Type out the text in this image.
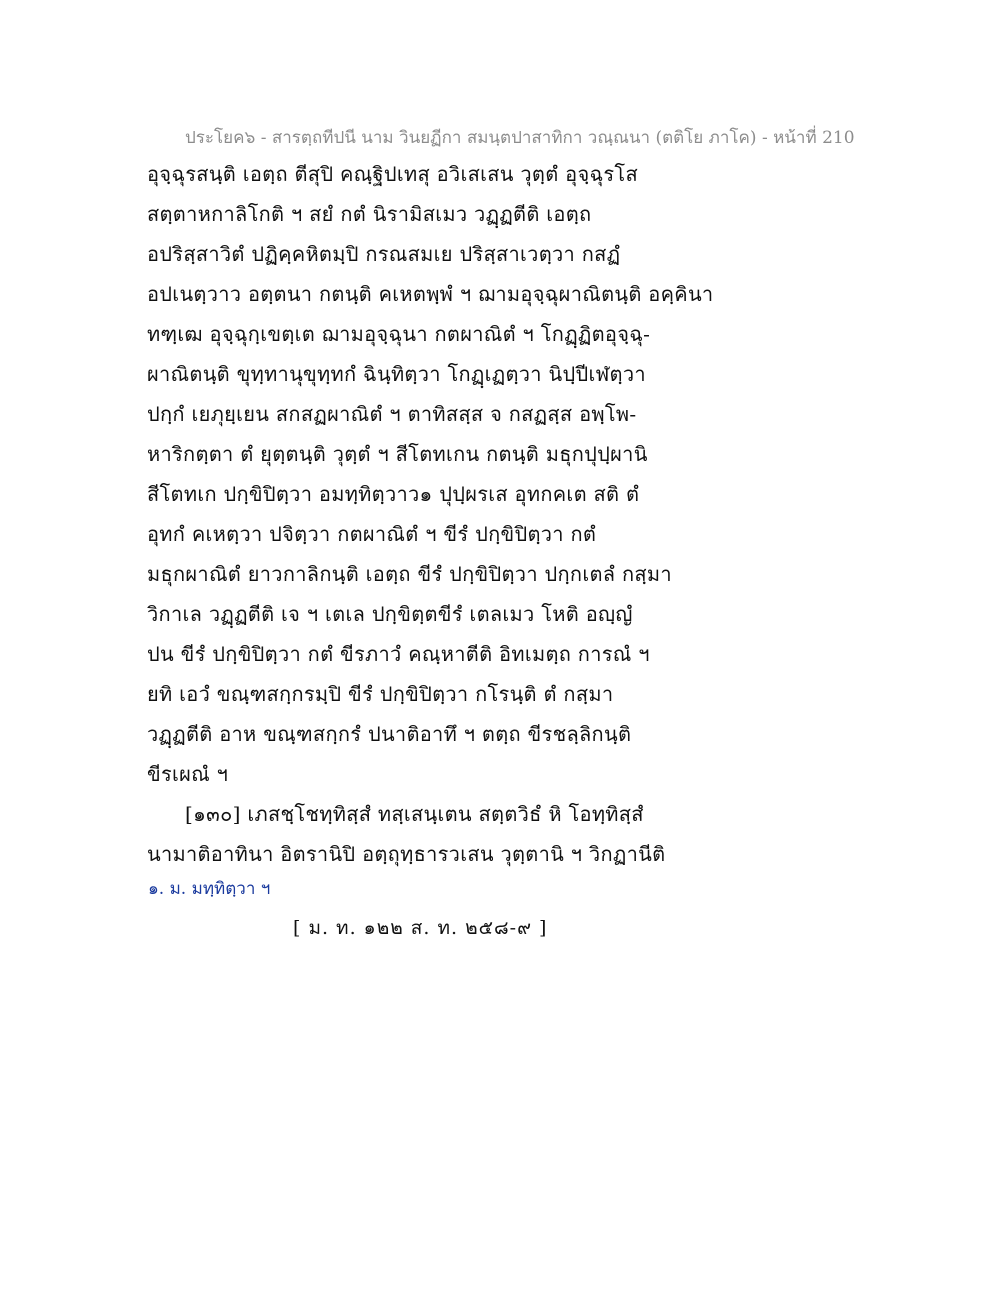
ประโยค๖ - สารตฺถทีปนี นาม วินยฏีกา สมนฺตปาสาทิกา วณฺณนา (ตติโย ภาโค) - หน้าที่ 210
อุจฺฉุรสนฺติ เอตฺถ ตีสุปิ คณฺฐิปเทสุ อวิเสเสน วุตฺตํ อุจฺฉุรโส
สตฺตาหกาลิโกติ ฯ สยํ กตํ นิรามิสเมว วฏฺฏตีติ เอตฺถ
อปริสฺสาวิตํ ปฏิคฺคหิตมฺปิ กรณสมเย ปริสฺสาเวตฺวา กสฏํ
อปเนตฺวาว อตฺตนา กตนฺติ คเหตพฺพํ ฯ ฌามอุจฺฉุผาณิตนฺติ อคฺคินา
ทฑฺเฒ อุจฺฉุกฺเขตฺเต ฌามอุจฺฉุนา กตผาณิตํ ฯ โกฏฺฏิตอุจฺฉุ-
ผาณิตนฺติ ขุทฺทานุขุทฺทกํ ฉินฺทิตฺวา โกฏฺเฏตฺวา นิปฺปีเฬตฺวา
ปกฺกํ เยภุยฺเยน สกสฏผาณิตํ ฯ ตาทิสสฺส จ กสฏสฺส อพฺโพ-
หาริกตฺตา ตํ ยุตฺตนฺติ วุตฺตํ ฯ สีโตทเกน กตนฺติ มธุกปุปฺผานิ
สีโตทเก ปกฺขิปิตฺวา อมทฺทิตฺวาว๑ ปุปฺผรเส อุทกคเต สติ ตํ
อุทกํ คเหตฺวา ปจิตฺวา กตผาณิตํ ฯ ขีรํ ปกฺขิปิตฺวา กตํ
มธุกผาณิตํ ยาวกาลิกนฺติ เอตฺถ ขีรํ ปกฺขิปิตฺวา ปกฺกเตลํ กสฺมา
วิกาเล วฏฺฏตีติ เจ ฯ เตเล ปกฺขิตฺตขีรํ เตลเมว โหติ อญฺญํ
ปน ขีรํ ปกฺขิปิตฺวา กตํ ขีรภาวํ คณฺหาตีติ อิทเมตฺถ การณํ ฯ
ยทิ เอวํ ขณฺฑสกฺกรมฺปิ ขีรํ ปกฺขิปิตฺวา กโรนฺติ ตํ กสฺมา
วฏฺฏตีติ อาห ขณฺฑสกฺกรํ ปนาติอาทึ ฯ ตตฺถ ขีรชลฺลิกนฺติ
ขีรเผณํ ฯ
[๑๓๐] เภสชฺโชทฺทิสฺสํ ทสฺเสนฺเตน สตฺตวิธํ หิ โอทฺทิสฺสํ
นามาติอาทินา อิตรานิปิ อตฺถุทฺธารวเสน วุตฺตานิ ฯ วิกฏานีติ
๑. ม. มทฺทิตฺวา ฯ
[ ม. ท. ๑๒๒ ส. ท. ๒๕๘-๙ ]
